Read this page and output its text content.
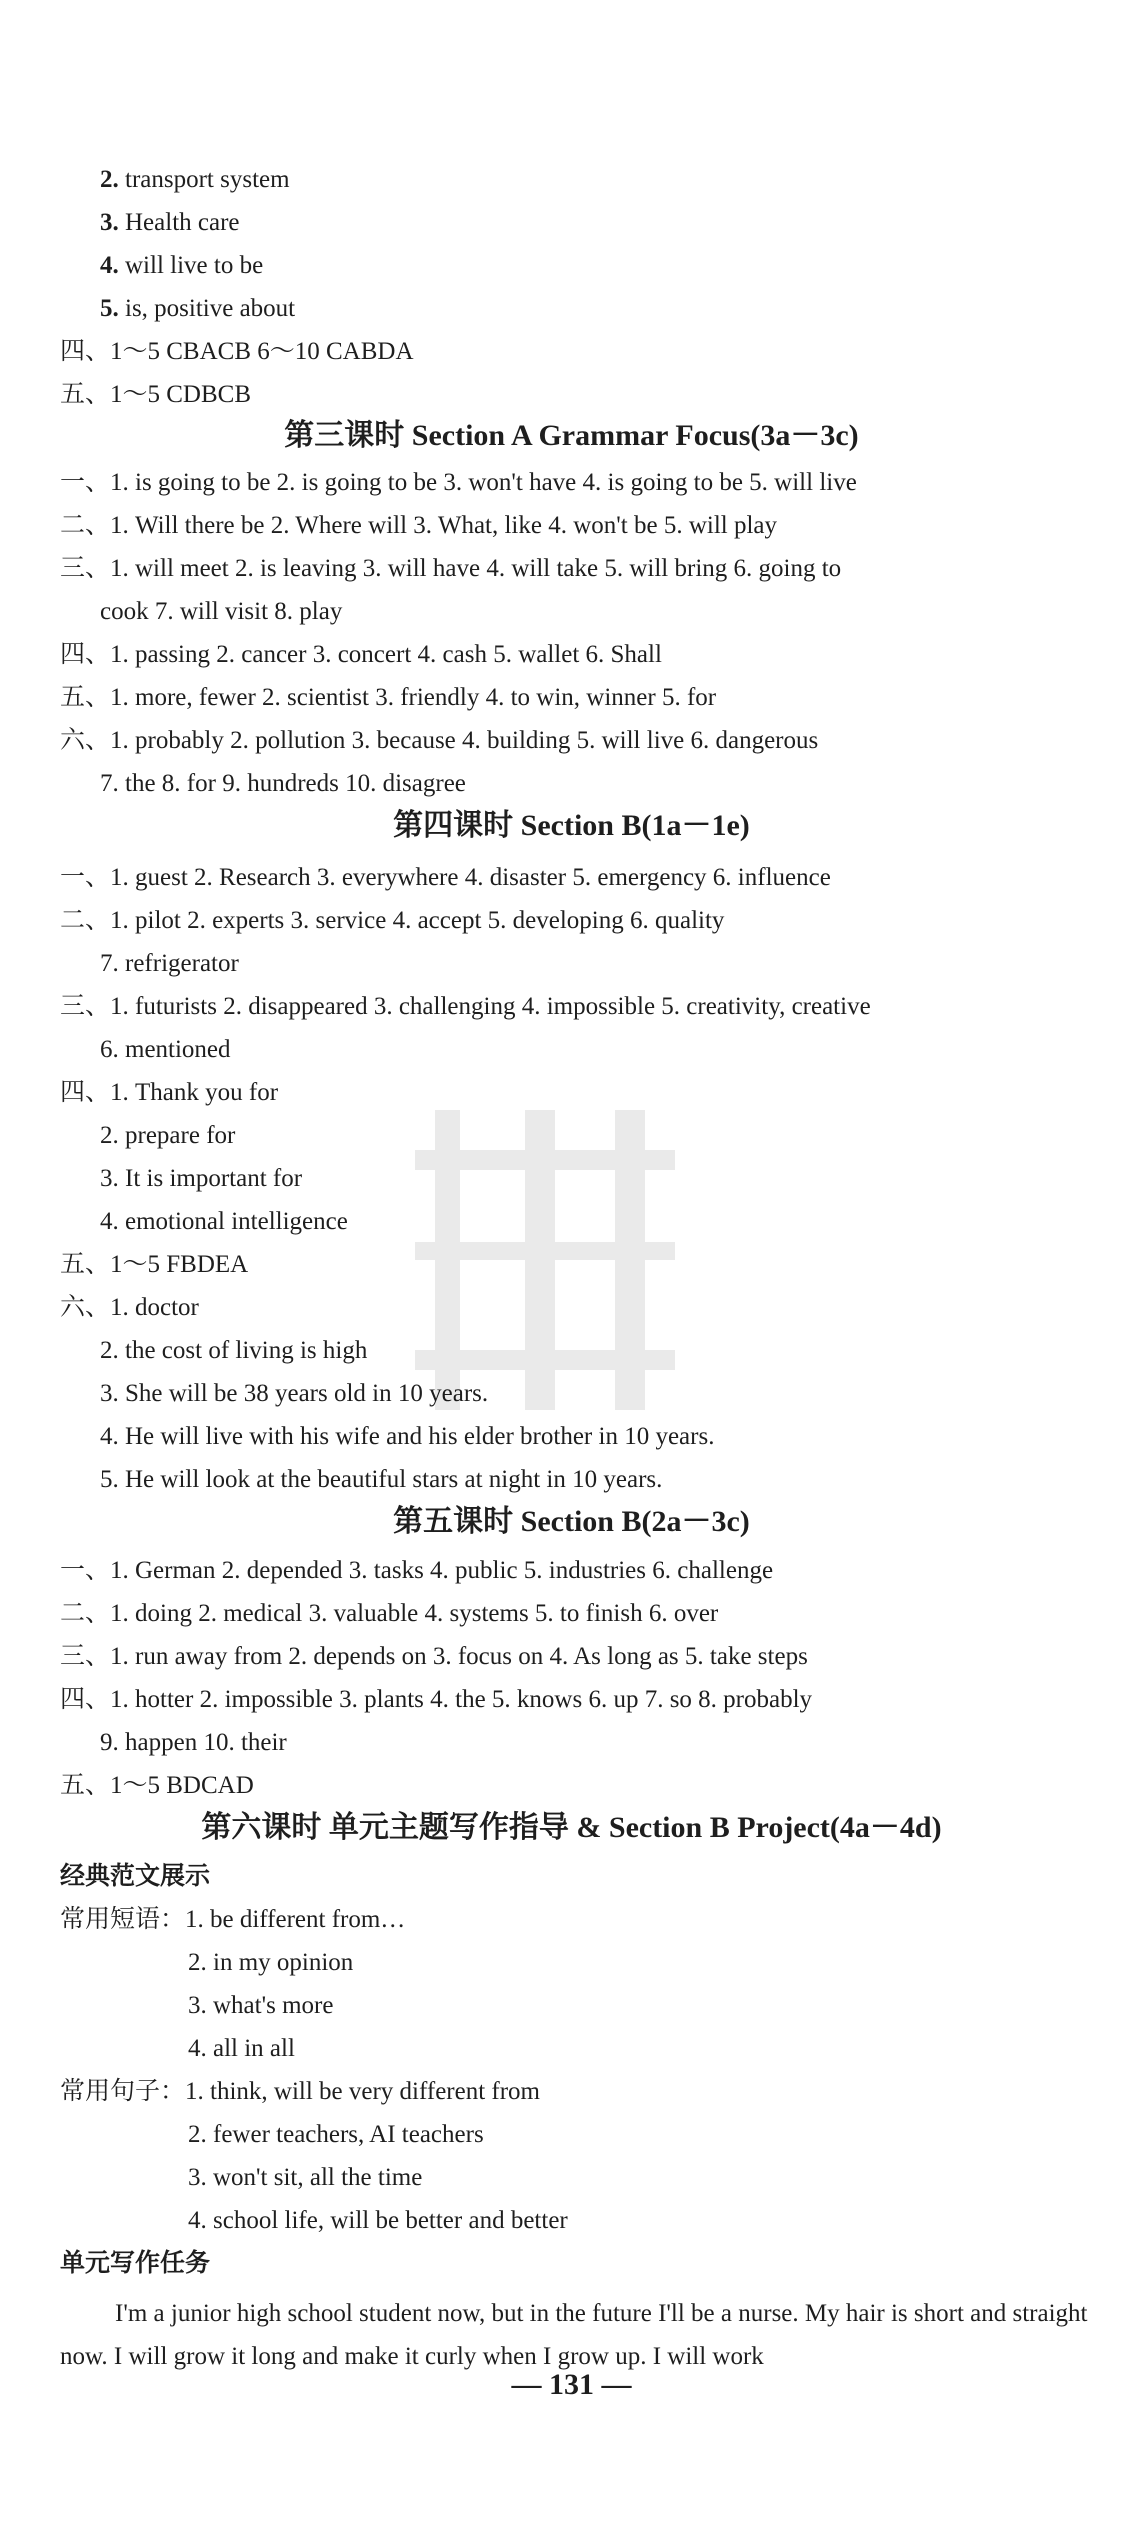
2. transport system
3. Health care
4. will live to be
5. is, positive about
四、1～5 CBACB 6～10 CABDA
五、1～5 CDBCB
第三课时 Section A Grammar Focus(3a－3c)
一、1. is going to be 2. is going to be 3. won't have 4. is going to be 5. will live
二、1. Will there be 2. Where will 3. What, like 4. won't be 5. will play
三、1. will meet 2. is leaving 3. will have 4. will take 5. will bring 6. going to
cook 7. will visit 8. play
四、1. passing 2. cancer 3. concert 4. cash 5. wallet 6. Shall
五、1. more, fewer 2. scientist 3. friendly 4. to win, winner 5. for
六、1. probably 2. pollution 3. because 4. building 5. will live 6. dangerous
7. the 8. for 9. hundreds 10. disagree
第四课时 Section B(1a－1e)
一、1. guest 2. Research 3. everywhere 4. disaster 5. emergency 6. influence
二、1. pilot 2. experts 3. service 4. accept 5. developing 6. quality
7. refrigerator
三、1. futurists 2. disappeared 3. challenging 4. impossible 5. creativity, creative
6. mentioned
四、1. Thank you for
2. prepare for
3. It is important for
4. emotional intelligence
五、1～5 FBDEA
六、1. doctor
2. the cost of living is high
3. She will be 38 years old in 10 years.
4. He will live with his wife and his elder brother in 10 years.
5. He will look at the beautiful stars at night in 10 years.
第五课时 Section B(2a－3c)
一、1. German 2. depended 3. tasks 4. public 5. industries 6. challenge
二、1. doing 2. medical 3. valuable 4. systems 5. to finish 6. over
三、1. run away from 2. depends on 3. focus on 4. As long as 5. take steps
四、1. hotter 2. impossible 3. plants 4. the 5. knows 6. up 7. so 8. probably
9. happen 10. their
五、1～5 BDCAD
第六课时 单元主题写作指导 & Section B Project(4a－4d)
经典范文展示
常用短语：1. be different from…
2. in my opinion
3. what's more
4. all in all
常用句子：1. think, will be very different from
2. fewer teachers, AI teachers
3. won't sit, all the time
4. school life, will be better and better
单元写作任务
I'm a junior high school student now, but in the future I'll be a nurse. My hair is short and straight now. I will grow it long and make it curly when I grow up. I will work
— 131 —
